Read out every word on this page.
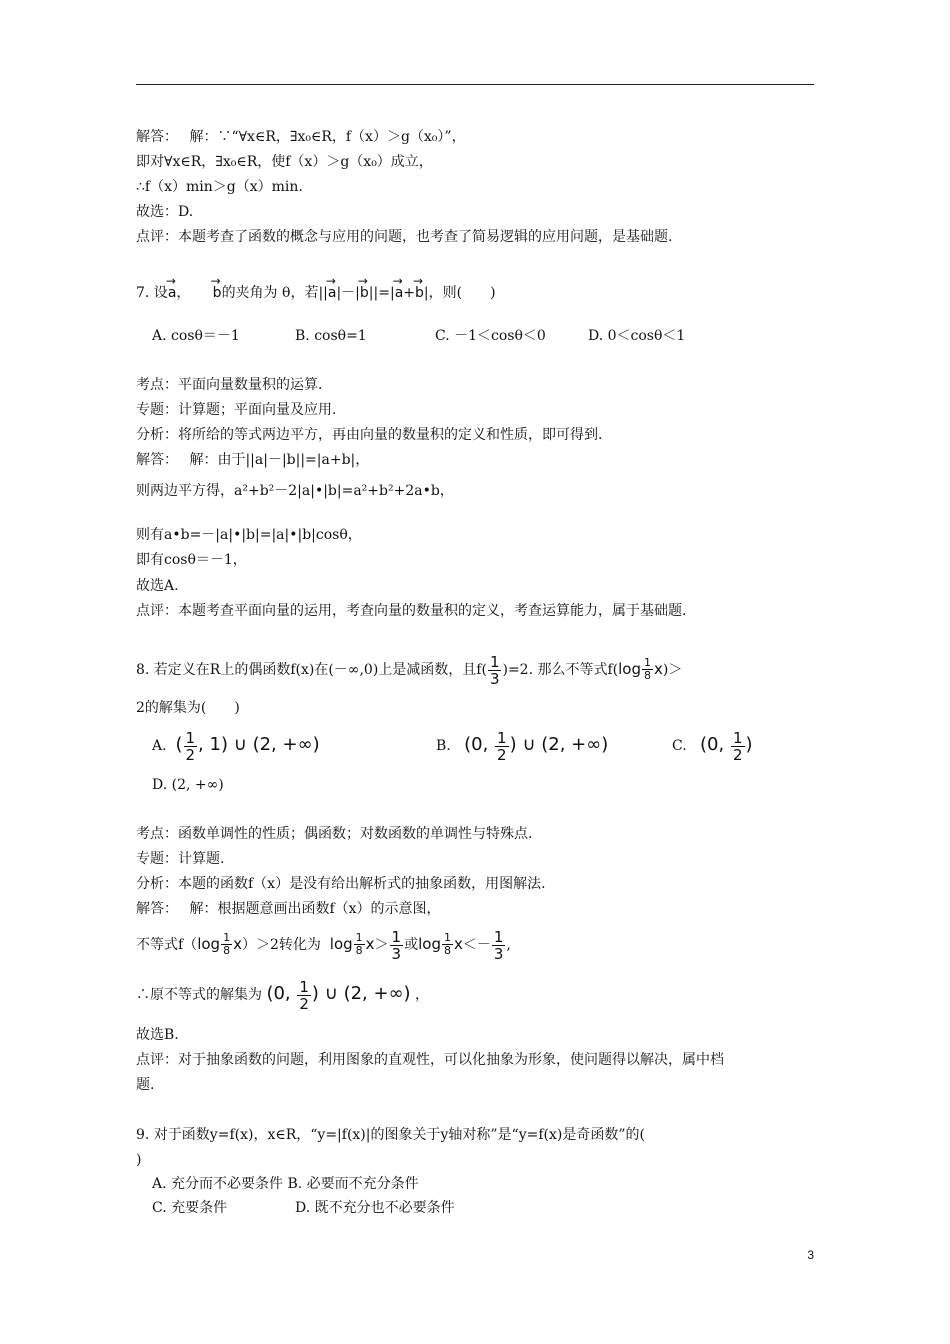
解答：　 解：∵“∀x∈R，∃x₀∈R，f（x）＞g（x₀）”，
即对∀x∈R，∃x₀∈R，使f（x）＞g（x₀）成立，
∴f（x）min＞g（x）min.
故选：D.
点评：本题考查了函数的概念与应用的问题，也考查了简易逻辑的应用问题，是基础题.
7. 设→ a，     → b的夹角为 θ，若||→ a|－|→ b||=|→ a+→ b|，则(　　)
A. cosθ＝－1	B. cosθ=1	C. －1＜cosθ＜0	D. 0＜cosθ＜1
考点：平面向量数量积的运算.
专题：计算题；平面向量及应用.
分析：将所给的等式两边平方，再由向量的数量积的定义和性质，即可得到.
解答：　 解：由于||a|－|b||=|a+b|，
则两边平方得，a²+b²－2|a|•|b|=a²+b²+2a•b，
则有a•b=－|a|•|b|=|a|•|b|cosθ，
即有cosθ＝－1，
故选A.
点评：本题考查平面向量的运用，考查向量的数量积的定义，考查运算能力，属于基础题.
8. 若定义在R上的偶函数f(x)在(－∞,0)上是减函数，且$f( \frac{1}{3} )=2$. 那么不等式$f(\log \frac{1}{8} x)>$
2的解集为(　　)
A. ( $\frac{1}{2}$ , 1) ∪ (2, +∞)	B. (0, $\frac{1}{2}$ ) ∪ (2, +∞)	C. (0, $\frac{1}{2}$ )
D. (2, +∞)
考点：函数单调性的性质；偶函数；对数函数的单调性与特殊点.
专题：计算题.
分析：本题的函数f（x）是没有给出解析式的抽象函数，用图解法.
解答：　 解：根据题意画出函数f（x）的示意图，
不等式$f(\log \frac{1}{8} x)>2$转化为 $\log \frac{1}{8} x> \frac{1}{3}$ 或$\log \frac{1}{8} x<- \frac{1}{3}$ ,
∴原不等式的解集为 (0, $\frac{1}{2}$ ) ∪ (2, +∞) ，
故选B.
点评：对于抽象函数的问题，利用图象的直观性，可以化抽象为形象，使问题得以解决，属中档
题.
9. 对于函数y=f(x)，x∈R，“y=|f(x)|的图象关于y轴对称”是“y=f(x)是奇函数”的(
)
A. 充分而不必要条件 B. 必要而不充分条件
C. 充要条件	D. 既不充分也不必要条件
3
